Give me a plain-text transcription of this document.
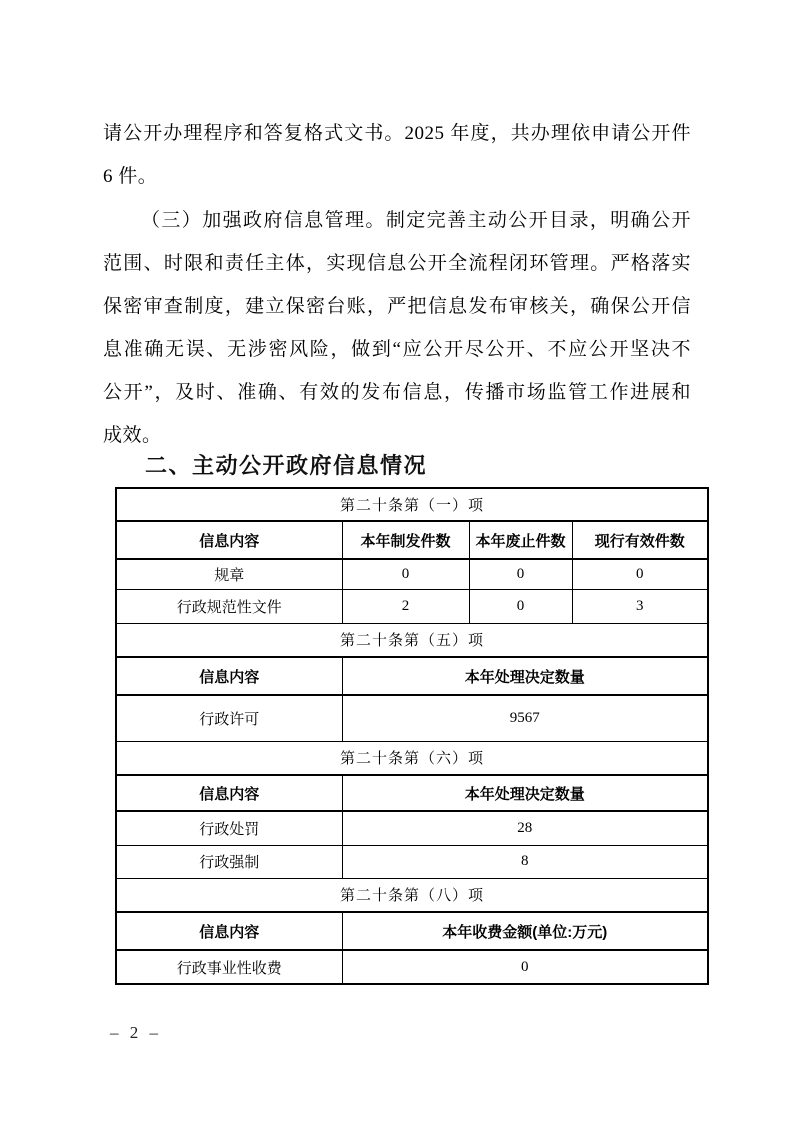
请公开办理程序和答复格式文书。2025 年度，共办理依申请公开件
6 件。
（三）加强政府信息管理。制定完善主动公开目录，明确公开
范围、时限和责任主体，实现信息公开全流程闭环管理。严格落实
保密审查制度，建立保密台账，严把信息发布审核关，确保公开信
息准确无误、无涉密风险，做到“应公开尽公开、不应公开坚决不
公开”，及时、准确、有效的发布信息，传播市场监管工作进展和
成效。
二、主动公开政府信息情况
第二十条第（一）项			
信息内容	本年制发件数	本年废止件数	现行有效件数
规章	0	0	0
行政规范性文件	2	0	3
第二十条第（五）项			
信息内容	本年处理决定数量		
行政许可	9567		
第二十条第（六）项			
信息内容	本年处理决定数量		
行政处罚	28		
行政强制	8		
第二十条第（八）项			
信息内容	本年收费金额(单位:万元)		
行政事业性收费	0		
– 2 –
